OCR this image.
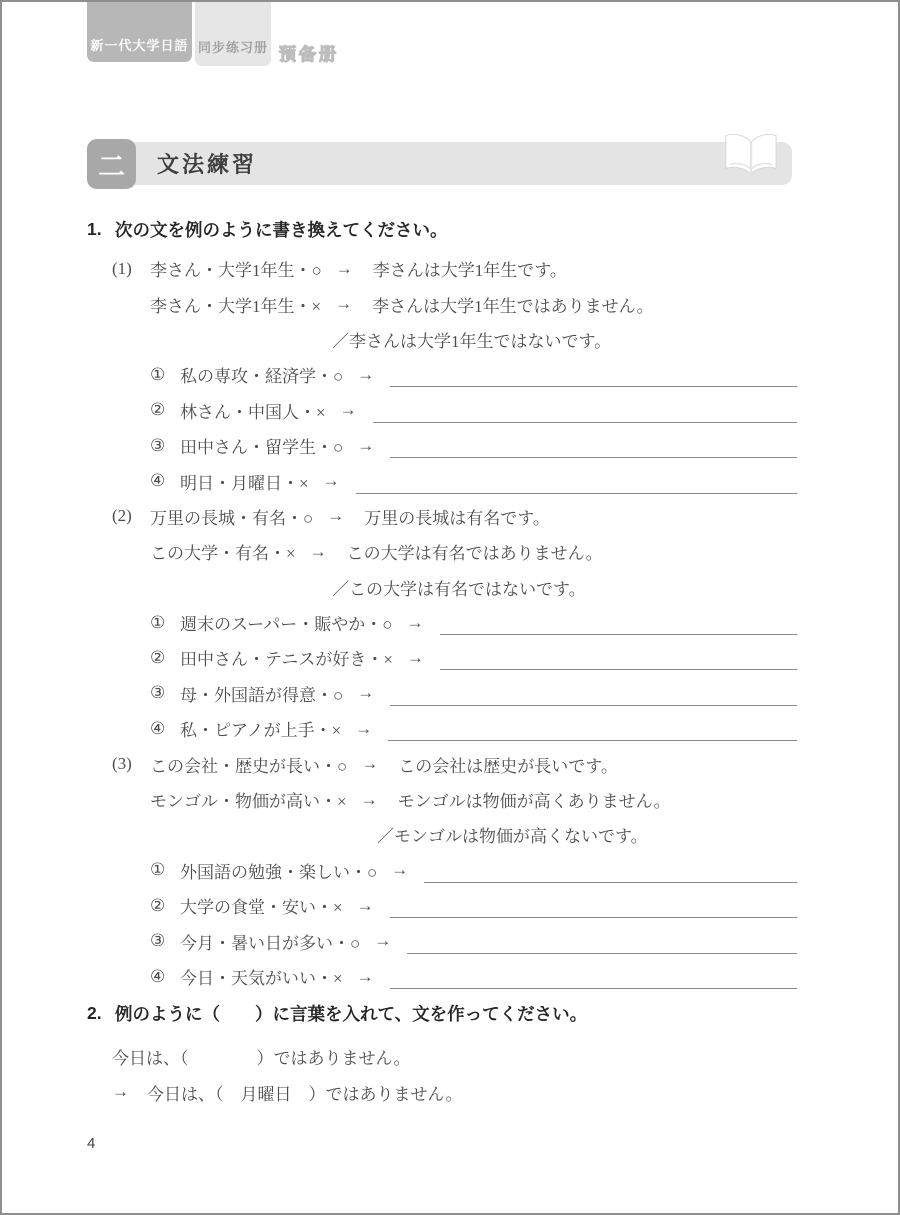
新一代大学日語 同步练习册 预备册
二	文法練習
1. 次の文を例のように書き換えてください。
(1)	李さん・大学1年生・○ → 李さんは大学1年生です。
李さん・大学1年生・× → 李さんは大学1年生ではありません。
／李さんは大学1年生ではないです。
① 私の専攻・経済学・○ →
② 林さん・中国人・× →
③ 田中さん・留学生・○ →
④ 明日・月曜日・× →
(2)	万里の長城・有名・○ → 万里の長城は有名です。
この大学・有名・× → この大学は有名ではありません。
／この大学は有名ではないです。
① 週末のスーパー・賑やか・○ →
② 田中さん・テニスが好き・× →
③ 母・外国語が得意・○ →
④ 私・ピアノが上手・× →
(3)	この会社・歴史が長い・○ → この会社は歴史が長いです。
モンゴル・物価が高い・× → モンゴルは物価が高くありません。
／モンゴルは物価が高くないです。
① 外国語の勉強・楽しい・○ →
② 大学の食堂・安い・× →
③ 今月・暑い日が多い・○ →
④ 今日・天気がいい・× →
2. 例のように（　　）に言葉を入れて、文を作ってください。
今日は、（　　　　）ではありません。
→ 今日は、（　月曜日　）ではありません。
4
